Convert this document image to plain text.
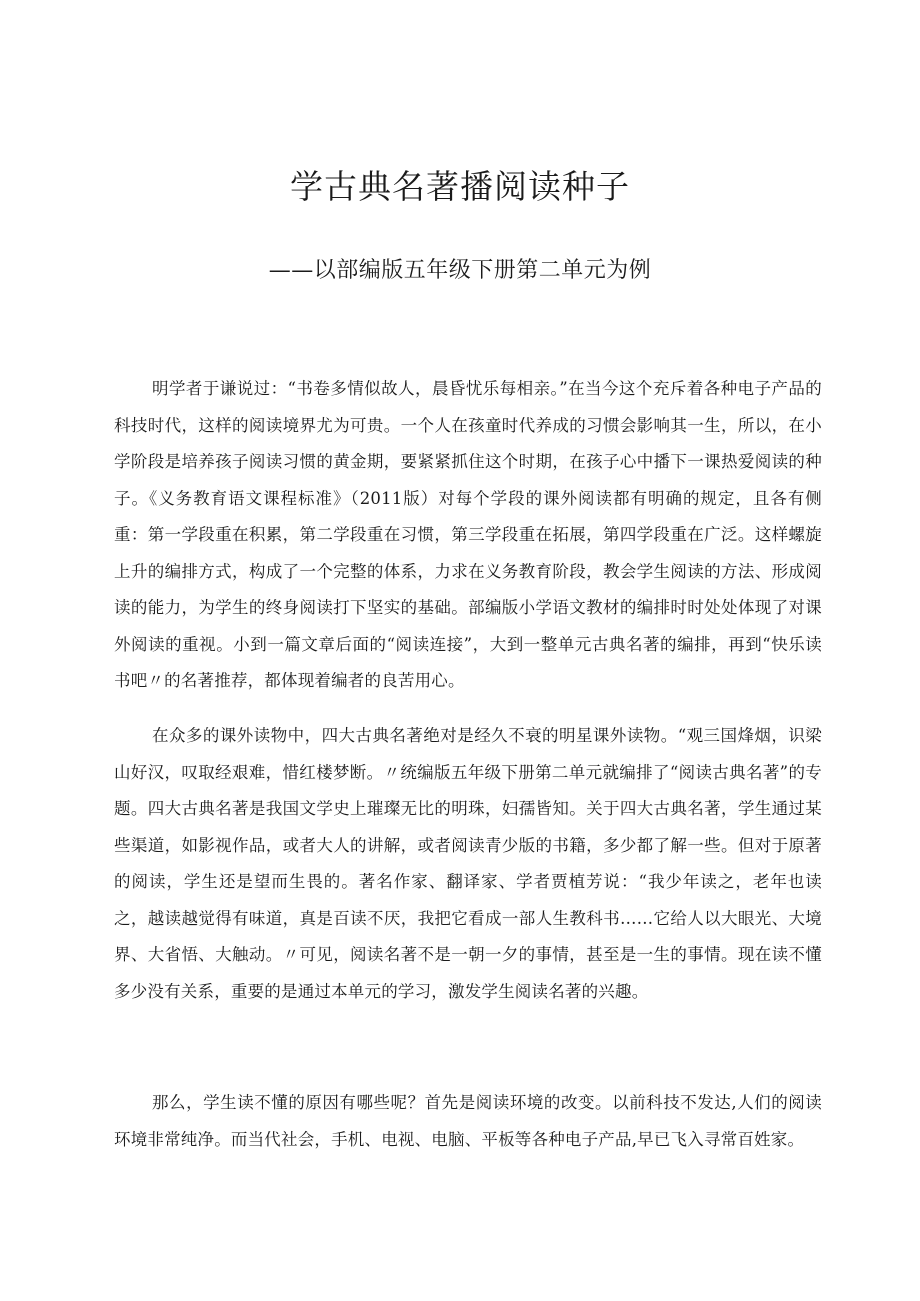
学古典名著播阅读种子
——以部编版五年级下册第二单元为例

明学者于谦说过：“书卷多情似故人，晨昏忧乐每相亲。”在当今这个充斥着各种电子产品的科技时代，这样的阅读境界尤为可贵。一个人在孩童时代养成的习惯会影响其一生，所以，在小学阶段是培养孩子阅读习惯的黄金期，要紧紧抓住这个时期，在孩子心中播下一课热爱阅读的种子。《义务教育语文课程标准》（2011版）对每个学段的课外阅读都有明确的规定，且各有侧重：第一学段重在积累，第二学段重在习惯，第三学段重在拓展，第四学段重在广泛。这样螺旋上升的编排方式，构成了一个完整的体系，力求在义务教育阶段，教会学生阅读的方法、形成阅读的能力，为学生的终身阅读打下坚实的基础。部编版小学语文教材的编排时时处处体现了对课外阅读的重视。小到一篇文章后面的“阅读连接”，大到一整单元古典名著的编排，再到“快乐读书吧〃的名著推荐，都体现着编者的良苦用心。

在众多的课外读物中，四大古典名著绝对是经久不衰的明星课外读物。“观三国烽烟，识梁山好汉，叹取经艰难，惜红楼梦断。〃统编版五年级下册第二单元就编排了“阅读古典名著”的专题。四大古典名著是我国文学史上璀璨无比的明珠，妇孺皆知。关于四大古典名著，学生通过某些渠道，如影视作品，或者大人的讲解，或者阅读青少版的书籍，多少都了解一些。但对于原著的阅读，学生还是望而生畏的。著名作家、翻译家、学者贾植芳说：“我少年读之，老年也读之，越读越觉得有味道，真是百读不厌，我把它看成一部人生教科书……它给人以大眼光、大境界、大省悟、大触动。〃可见，阅读名著不是一朝一夕的事情，甚至是一生的事情。现在读不懂多少没有关系，重要的是通过本单元的学习，激发学生阅读名著的兴趣。

那么，学生读不懂的原因有哪些呢？首先是阅读环境的改变。以前科技不发达,人们的阅读环境非常纯净。而当代社会，手机、电视、电脑、平板等各种电子产品,早已飞入寻常百姓家。
